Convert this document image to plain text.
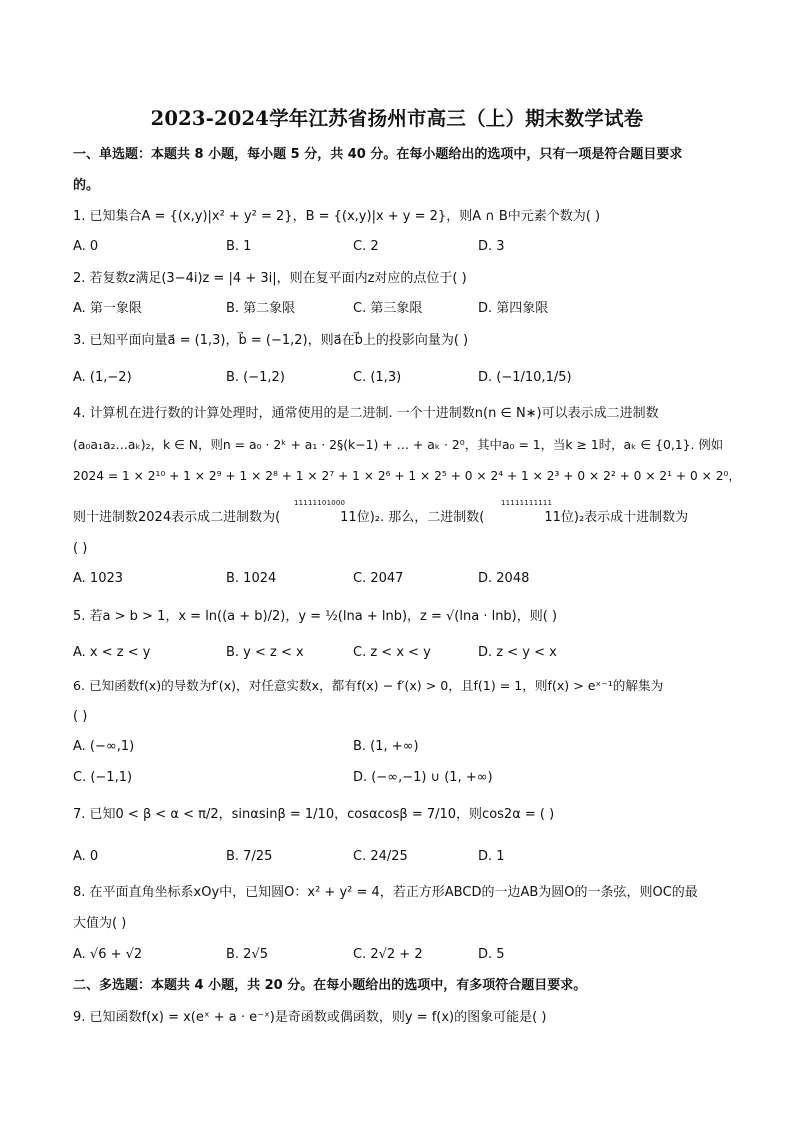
2023-2024学年江苏省扬州市高三（上）期末数学试卷
一、单选题：本题共 8 小题，每小题 5 分，共 40 分。在每小题给出的选项中，只有一项是符合题目要求
的。
1. 已知集合A = {(x,y)|x² + y² = 2}，B = {(x,y)|x + y = 2}，则A ∩ B中元素个数为( )
A. 0	B. 1	C. 2	D. 3
2. 若复数z满足(3−4i)z = |4 + 3i|，则在复平面内z对应的点位于( )
A. 第一象限	B. 第二象限	C. 第三象限	D. 第四象限
3. 已知平面向量a⃗ = (1,3)，b⃗ = (−1,2)，则a⃗在b⃗上的投影向量为( )
A. (1,−2)	B. (−1,2)	C. (1,3)	D. (−1/10,1/5)
4. 计算机在进行数的计算处理时，通常使用的是二进制. 一个十进制数n(n ∈ N∗)可以表示成二进制数
(a₀a₁a₂…aₖ)₂，k ∈ N，则n = a₀ · 2ᵏ + a₁ · 2§(k−1) + … + aₖ · 2⁰，其中a₀ = 1，当k ≥ 1时，aₖ ∈ {0,1}. 例如
2024 = 1 × 2¹⁰ + 1 × 2⁹ + 1 × 2⁸ + 1 × 2⁷ + 1 × 2⁶ + 1 × 2⁵ + 0 × 2⁴ + 1 × 2³ + 0 × 2² + 0 × 2¹ + 0 × 2⁰，
11111101000	11111111111
则十进制数2024表示成二进制数为(	11位)₂. 那么，二进制数(	11位)₂表示成十进制数为
( )
A. 1023	B. 1024	C. 2047	D. 2048
5. 若a > b > 1，x = ln((a + b)/2)，y = ½(lna + lnb)，z = √(lna · lnb)，则( )
A. x < z < y	B. y < z < x	C. z < x < y	D. z < y < x
6. 已知函数f(x)的导数为f′(x)，对任意实数x，都有f(x) − f′(x) > 0，且f(1) = 1，则f(x) > eˣ⁻¹的解集为
( )
A. (−∞,1)	B. (1, +∞)
C. (−1,1)	D. (−∞,−1) ∪ (1, +∞)
7. 已知0 < β < α < π/2，sinαsinβ = 1/10，cosαcosβ = 7/10，则cos2α = ( )
A. 0	B. 7/25	C. 24/25	D. 1
8. 在平面直角坐标系xOy中，已知圆O：x² + y² = 4，若正方形ABCD的一边AB为圆O的一条弦，则OC的最
大值为( )
A. √6 + √2	B. 2√5	C. 2√2 + 2	D. 5
二、多选题：本题共 4 小题，共 20 分。在每小题给出的选项中，有多项符合题目要求。
9. 已知函数f(x) = x(eˣ + a · e⁻ˣ)是奇函数或偶函数，则y = f(x)的图象可能是( )
